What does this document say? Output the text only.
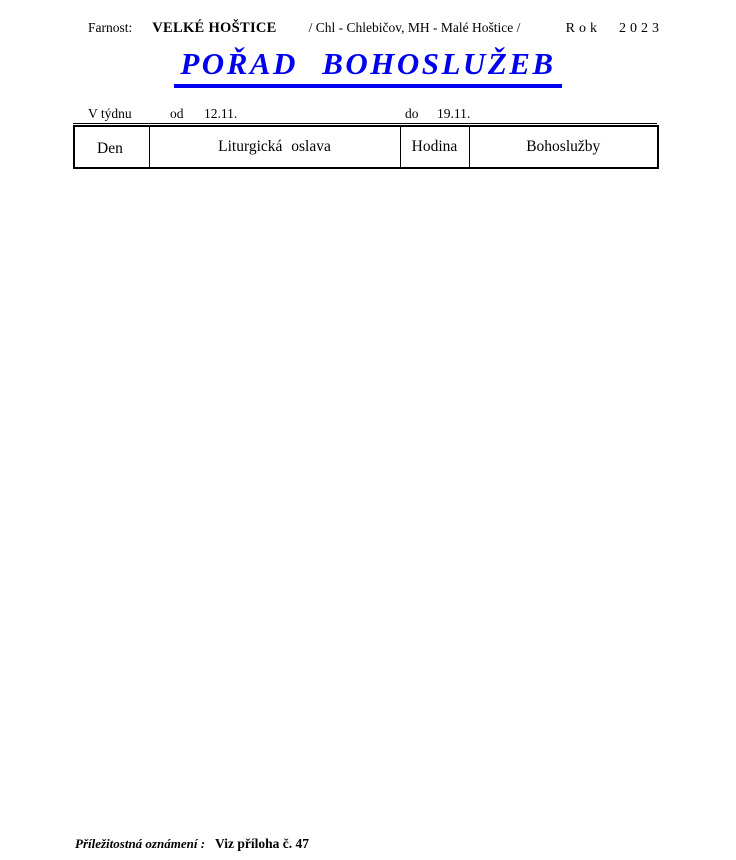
Farnost: VELKÉ HOŠTICE / Chl - Chlebičov, MH - Malé Hoštice /	Rok 2023
POŘAD BOHOSLUŽEB
V týdnu	od 12.11.	do 19.11.
Den	Liturgická oslava	Hodina	Bohoslužby
Příležitostná oznámení : Viz příloha č. 47
